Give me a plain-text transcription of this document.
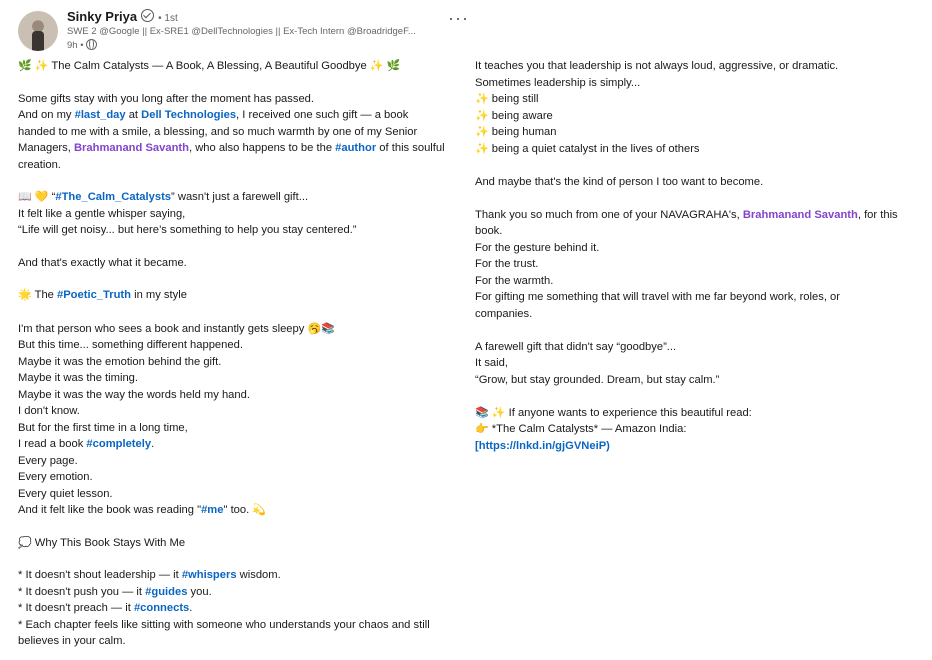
Sinky Priya • 1st
SWE 2 @Google || Ex-SRE1 @DellTechnologies || Ex-Tech Intern @BroadridgeF...
9h •
···
🌿 ✨ The Calm Catalysts — A Book, A Blessing, A Beautiful Goodbye ✨ 🌿
Some gifts stay with you long after the moment has passed.
And on my #last_day at Dell Technologies, I received one such gift — a book
handed to me with a smile, a blessing, and so much warmth by one of my Senior
Managers, Brahmanand Savanth, who also happens to be the #author of this soulful
creation.
📖 💛 “#The_Calm_Catalysts” wasn't just a farewell gift...
It felt like a gentle whisper saying,
“Life will get noisy... but here’s something to help you stay centered.”
And that's exactly what it became.
🌟 The #Poetic_Truth in my style
I'm that person who sees a book and instantly gets sleepy 🥱📚
But this time... something different happened.
Maybe it was the emotion behind the gift.
Maybe it was the timing.
Maybe it was the way the words held my hand.
I don't know.
But for the first time in a long time,
I read a book #completely.
Every page.
Every emotion.
Every quiet lesson.
And it felt like the book was reading "#me" too. 💫
💭 Why This Book Stays With Me
* It doesn't shout leadership — it #whispers wisdom.
* It doesn't push you — it #guides you.
* It doesn't preach — it #connects.
* Each chapter feels like sitting with someone who understands your chaos and still
believes in your calm.
It teaches you that leadership is not always loud, aggressive, or dramatic.
Sometimes leadership is simply...
✨ being still
✨ being aware
✨ being human
✨ being a quiet catalyst in the lives of others
And maybe that's the kind of person I too want to become.
Thank you so much from one of your NAVAGRAHA's, Brahmanand Savanth, for this
book.
For the gesture behind it.
For the trust.
For the warmth.
For gifting me something that will travel with me far beyond work, roles, or
companies.
A farewell gift that didn't say “goodbye”...
It said,
“Grow, but stay grounded. Dream, but stay calm.”
📚 ✨ If anyone wants to experience this beautiful read:
👉 *The Calm Catalysts* — Amazon India:
[https://lnkd.in/gjGVNeiP)
